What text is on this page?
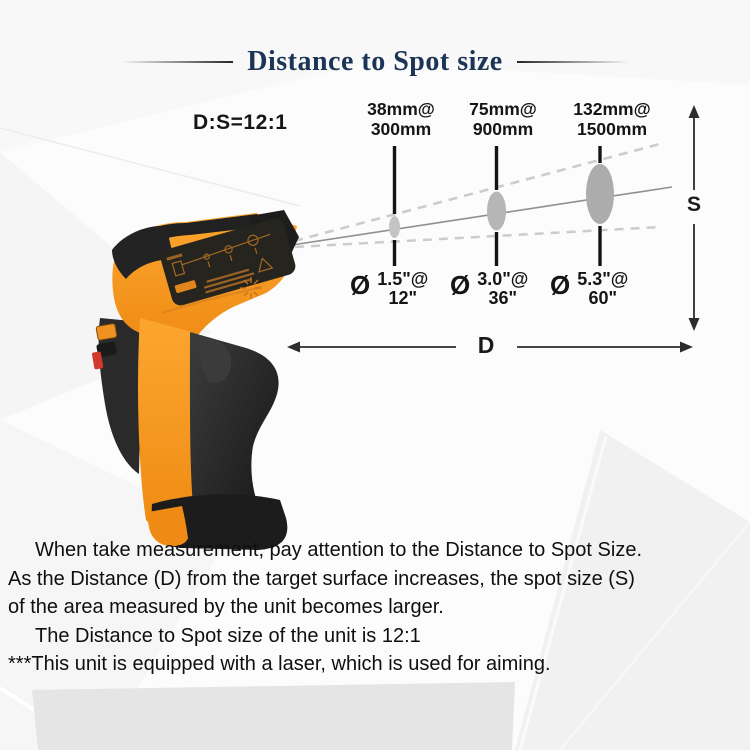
Distance to Spot size
D:S=12:1
38mm@
300mm
75mm@
900mm
132mm@
1500mm
Ø 1.5"@
12" Ø 3.0"@
36" Ø 5.3"@
60"
D
S
When take measurement, pay attention to the Distance to Spot Size.
As the Distance (D) from the target surface increases, the spot size (S)
of the area measured by the unit becomes larger.
The Distance to Spot size of the unit is 12:1
***This unit is equipped with a laser, which is used for aiming.
